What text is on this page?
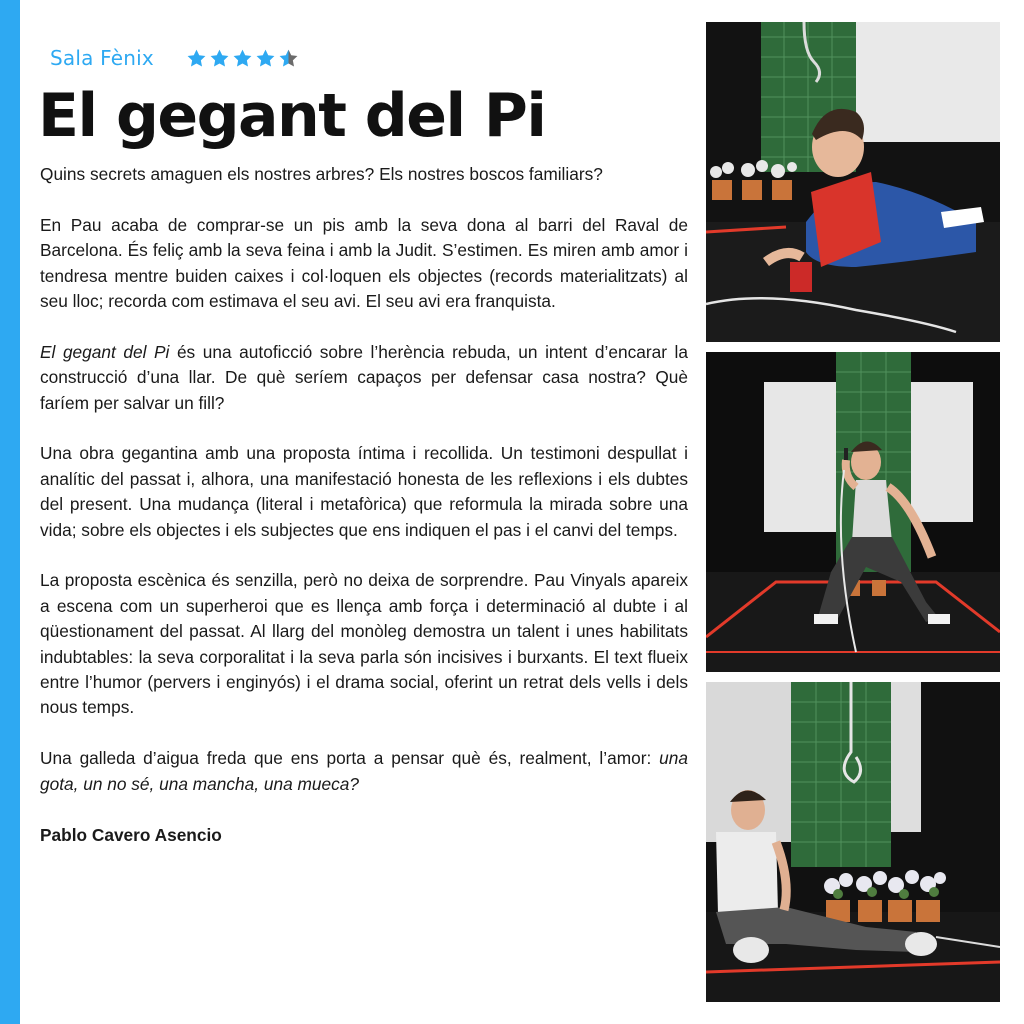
Sala Fènix
El gegant del Pi

Quins secrets amaguen els nostres arbres? Els nostres boscos familiars?

En Pau acaba de comprar-se un pis amb la seva dona al barri del Raval de Barcelona. És feliç amb la seva feina i amb la Judit. S’estimen. Es miren amb amor i tendresa mentre buiden caixes i col·loquen els objectes (records materialitzats) al seu lloc; recorda com estimava el seu avi. El seu avi era franquista.

El gegant del Pi és una autoficció sobre l’herència rebuda, un intent d’encarar la construcció d’una llar. De què seríem capaços per defensar casa nostra? Què faríem per salvar un fill?

Una obra gegantina amb una proposta íntima i recollida. Un testimoni despullat i analític del passat i, alhora, una manifestació honesta de les reflexions i els dubtes del present. Una mudança (literal i metafòrica) que reformula la mirada sobre una vida; sobre els objectes i els subjectes que ens indiquen el pas i el canvi del temps.

La proposta escènica és senzilla, però no deixa de sorprendre. Pau Vinyals apareix a escena com un superheroi que es llença amb força i determinació al dubte i al qüestionament del passat. Al llarg del monòleg demostra un talent i unes habilitats indubtables: la seva corporalitat i la seva parla són incisives i burxants. El text flueix entre l’humor (pervers i enginyós) i el drama social, oferint un retrat dels vells i dels nous temps.

Una galleda d’aigua freda que ens porta a pensar què és, realment, l’amor: una gota, un no sé, una mancha, una mueca?

Pablo Cavero Asencio
